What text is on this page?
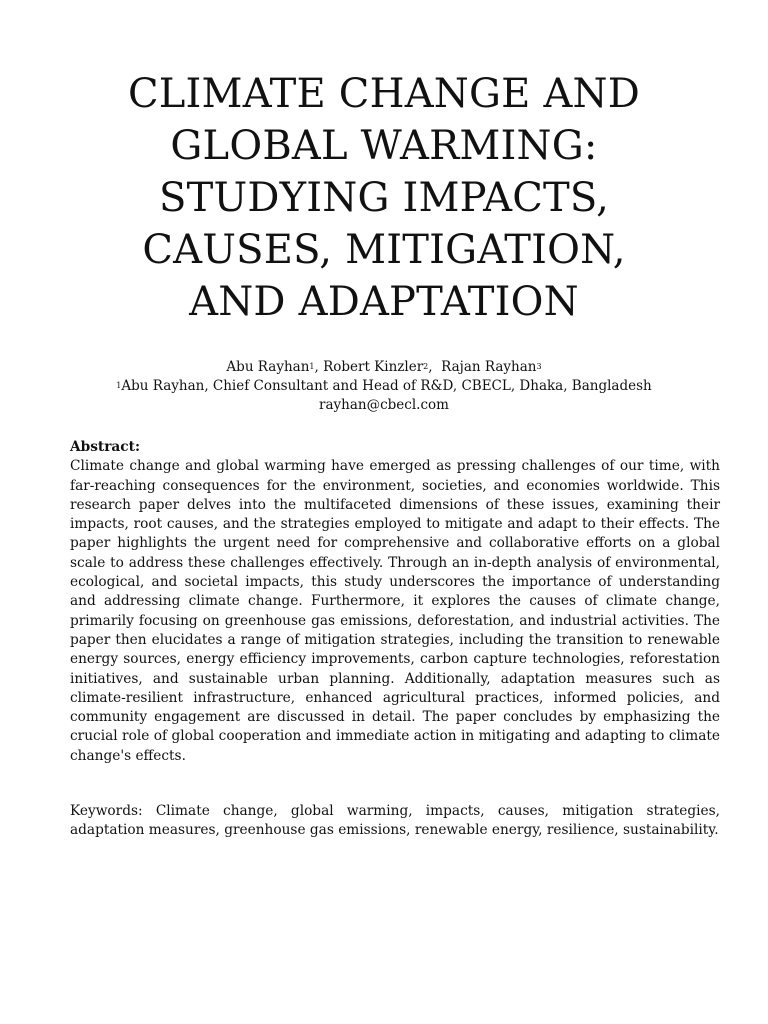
CLIMATE CHANGE AND
GLOBAL WARMING:
STUDYING IMPACTS,
CAUSES, MITIGATION,
AND ADAPTATION
Abu Rayhan$^1$, Robert Kinzler$^2$,  Rajan Rayhan$^3$
$^1$Abu Rayhan, Chief Consultant and Head of R&D, CBECL, Dhaka, Bangladesh
rayhan@cbecl.com
Abstract:
Climate change and global warming have emerged as pressing challenges of our time, with far-reaching consequences for the environment, societies, and economies worldwide. This research paper delves into the multifaceted dimensions of these issues, examining their impacts, root causes, and the strategies employed to mitigate and adapt to their effects. The paper highlights the urgent need for comprehensive and collaborative efforts on a global scale to address these challenges effectively. Through an in-depth analysis of environmental, ecological, and societal impacts, this study underscores the importance of understanding and addressing climate change. Furthermore, it explores the causes of climate change, primarily focusing on greenhouse gas emissions, deforestation, and industrial activities. The paper then elucidates a range of mitigation strategies, including the transition to renewable energy sources, energy efficiency improvements, carbon capture technologies, reforestation initiatives, and sustainable urban planning. Additionally, adaptation measures such as climate-resilient infrastructure, enhanced agricultural practices, informed policies, and community engagement are discussed in detail. The paper concludes by emphasizing the crucial role of global cooperation and immediate action in mitigating and adapting to climate change's effects.
Keywords: Climate change, global warming, impacts, causes, mitigation strategies, adaptation measures, greenhouse gas emissions, renewable energy, resilience, sustainability.
